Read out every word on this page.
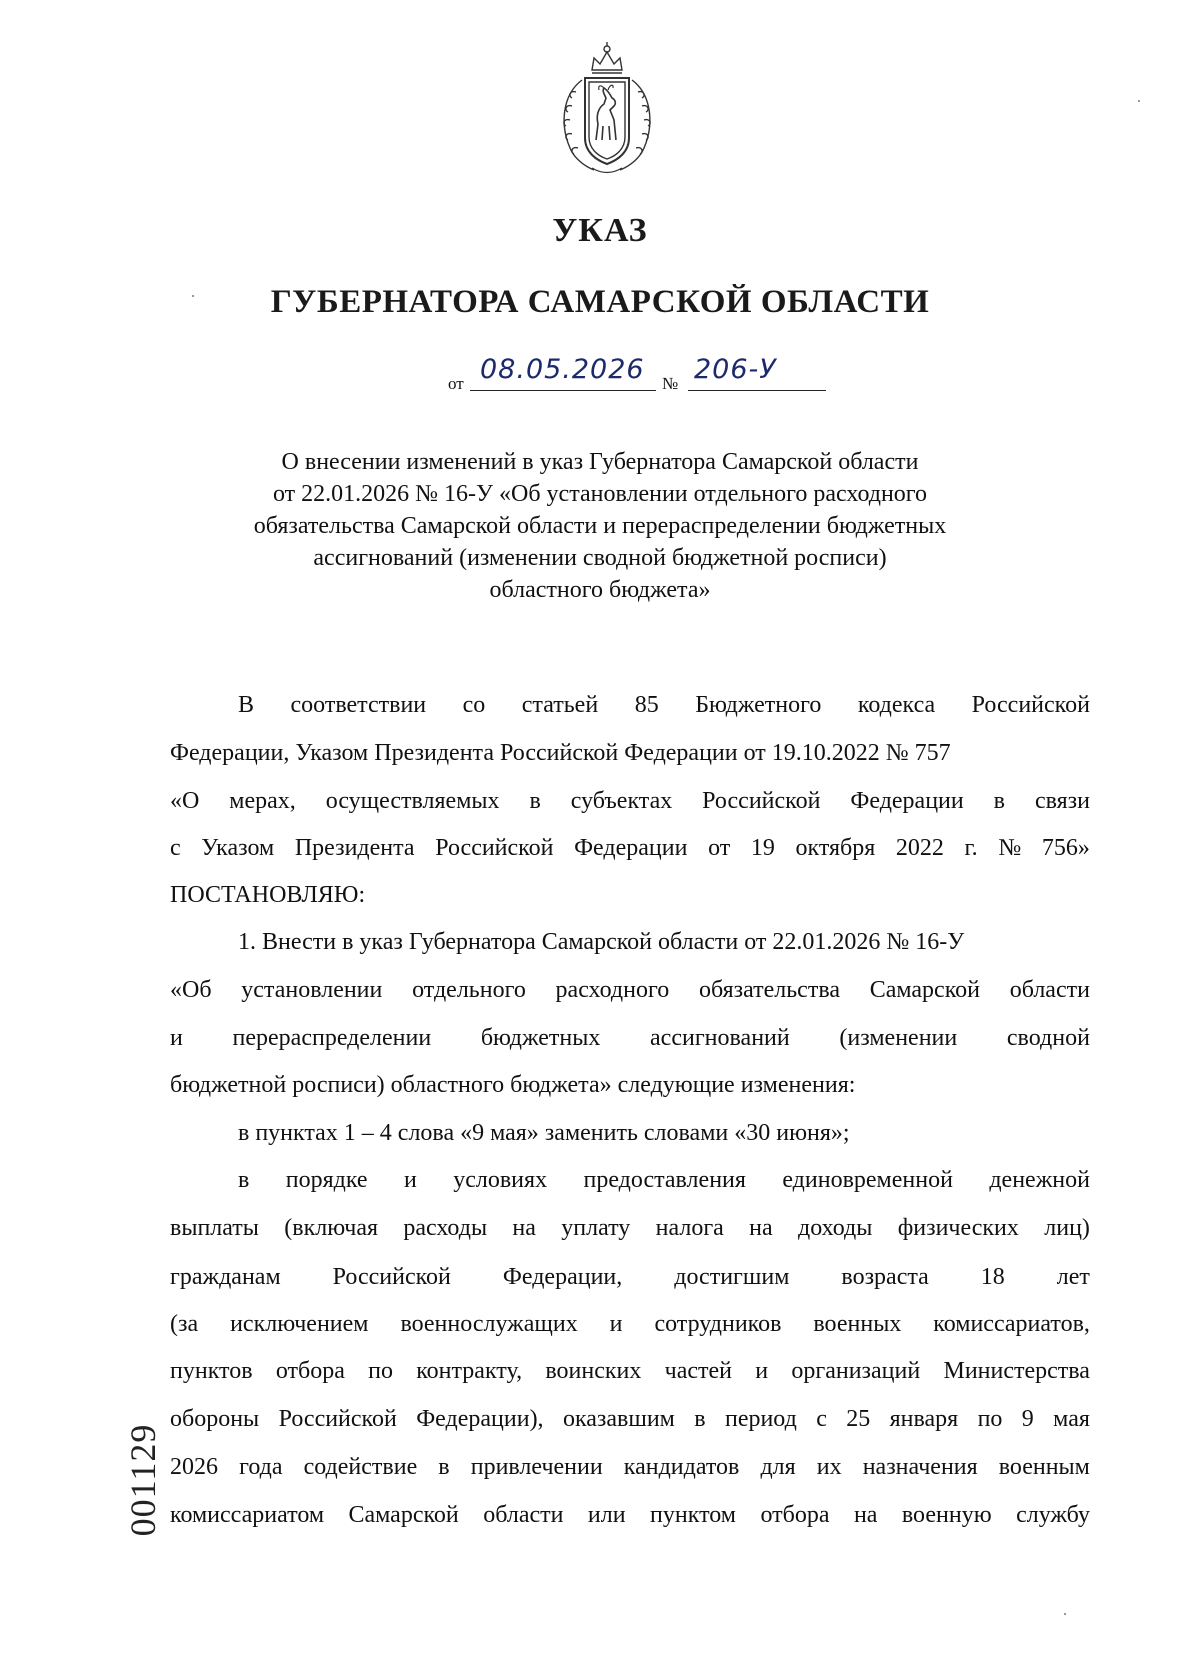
УКАЗ
ГУБЕРНАТОРА САМАРСКОЙ ОБЛАСТИ
от 08.05.2026 № 206-У
О внесении изменений в указ Губернатора Самарской области
от 22.01.2026 № 16-У «Об установлении отдельного расходного
обязательства Самарской области и перераспределении бюджетных
ассигнований (изменении сводной бюджетной росписи)
областного бюджета»
В соответствии со статьей 85 Бюджетного кодекса Российской
Федерации, Указом Президента Российской Федерации от 19.10.2022 № 757
«О мерах, осуществляемых в субъектах Российской Федерации в связи
с Указом Президента Российской Федерации от 19 октября 2022 г. № 756»
ПОСТАНОВЛЯЮ:
1. Внести в указ Губернатора Самарской области от 22.01.2026 № 16-У
«Об установлении отдельного расходного обязательства Самарской области
и перераспределении бюджетных ассигнований (изменении сводной
бюджетной росписи) областного бюджета» следующие изменения:
в пунктах 1 – 4 слова «9 мая» заменить словами «30 июня»;
в порядке и условиях предоставления единовременной денежной
выплаты (включая расходы на уплату налога на доходы физических лиц)
гражданам Российской Федерации, достигшим возраста 18 лет
(за исключением военнослужащих и сотрудников военных комиссариатов,
пунктов отбора по контракту, воинских частей и организаций Министерства
обороны Российской Федерации), оказавшим в период с 25 января по 9 мая
2026 года содействие в привлечении кандидатов для их назначения военным
комиссариатом Самарской области или пунктом отбора на военную службу
001129
